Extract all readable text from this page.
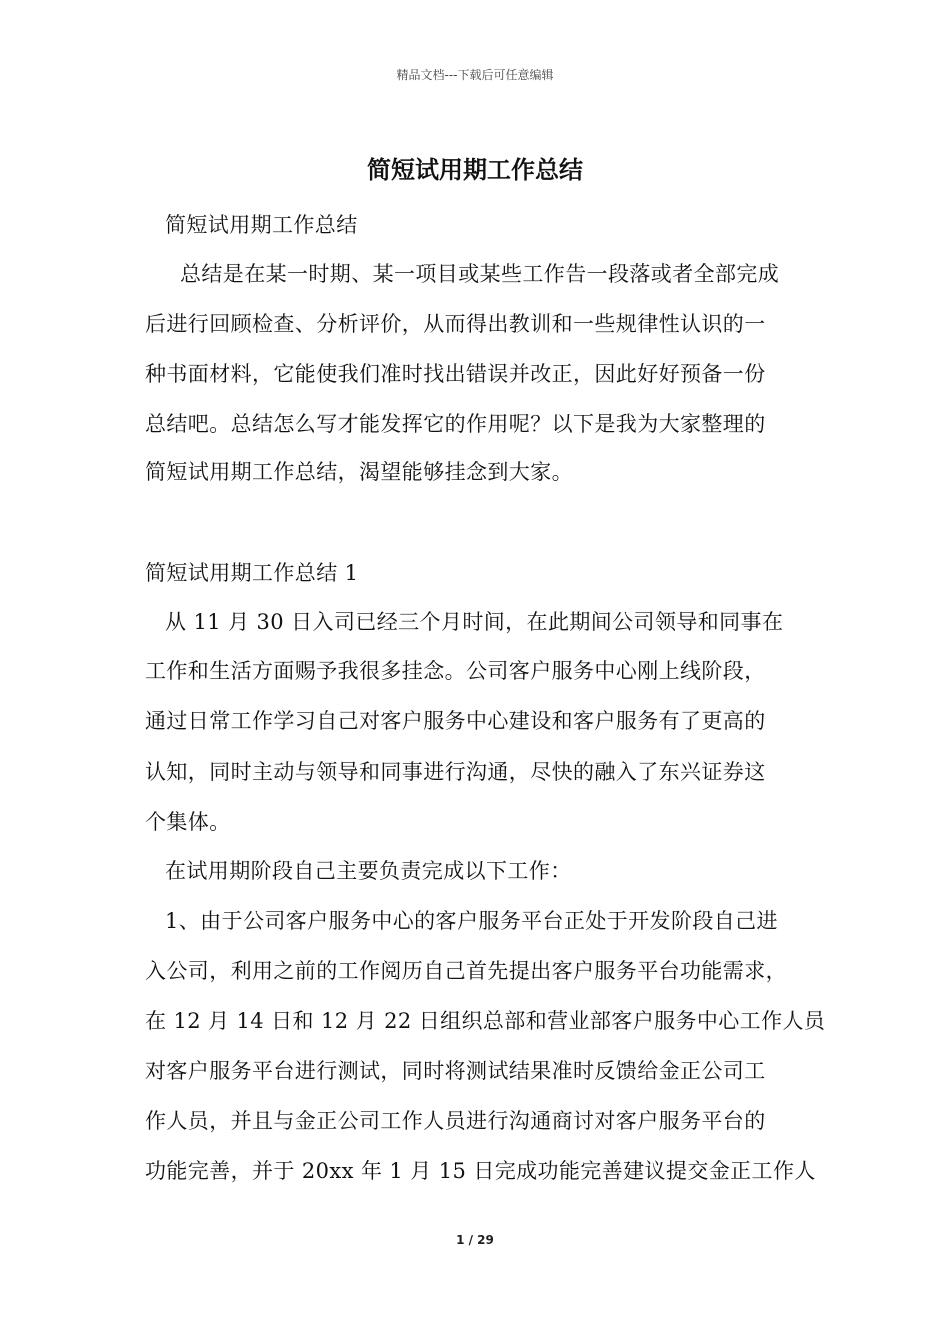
精品文档---下载后可任意编辑
简短试用期工作总结
简短试用期工作总结
总结是在某一时期、某一项目或某些工作告一段落或者全部完成
后进行回顾检查、分析评价，从而得出教训和一些规律性认识的一
种书面材料，它能使我们准时找出错误并改正，因此好好预备一份
总结吧。总结怎么写才能发挥它的作用呢？以下是我为大家整理的
简短试用期工作总结，渴望能够挂念到大家。
简短试用期工作总结 1
从 11 月 30 日入司已经三个月时间，在此期间公司领导和同事在
工作和生活方面赐予我很多挂念。公司客户服务中心刚上线阶段，
通过日常工作学习自己对客户服务中心建设和客户服务有了更高的
认知，同时主动与领导和同事进行沟通，尽快的融入了东兴证券这
个集体。
在试用期阶段自己主要负责完成以下工作：
1、由于公司客户服务中心的客户服务平台正处于开发阶段自己进
入公司，利用之前的工作阅历自己首先提出客户服务平台功能需求，
在 12 月 14 日和 12 月 22 日组织总部和营业部客户服务中心工作人员
对客户服务平台进行测试，同时将测试结果准时反馈给金正公司工
作人员，并且与金正公司工作人员进行沟通商讨对客户服务平台的
功能完善，并于 20xx 年 1 月 15 日完成功能完善建议提交金正工作人
1 / 29
